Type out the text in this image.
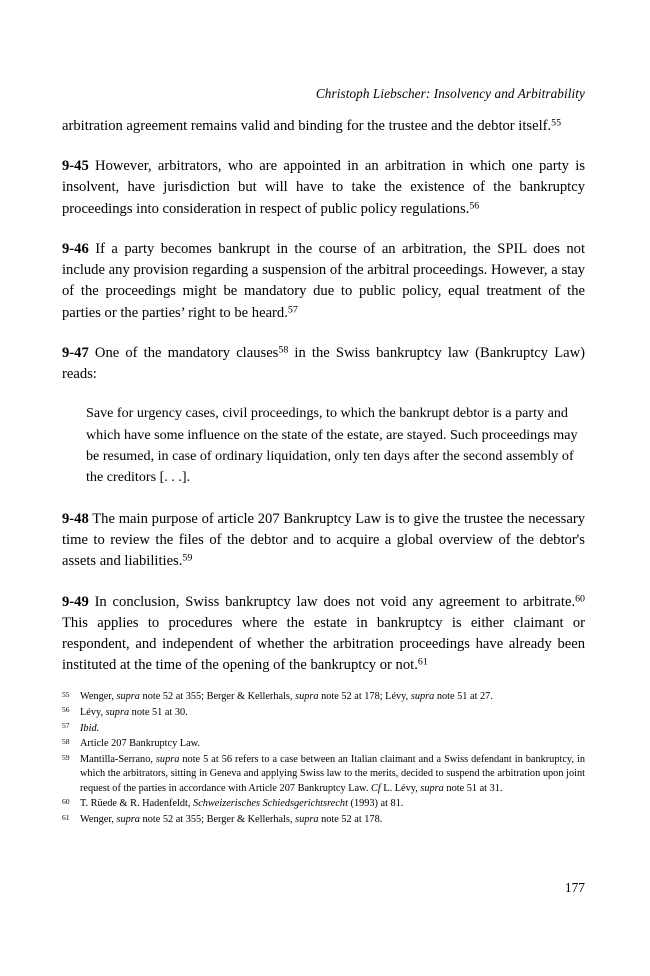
Christoph Liebscher: Insolvency and Arbitrability

arbitration agreement remains valid and binding for the trustee and the debtor itself.$^{55}$

9-45 However, arbitrators, who are appointed in an arbitration in which one party is insolvent, have jurisdiction but will have to take the existence of the bankruptcy proceedings into consideration in respect of public policy regulations.$^{56}$

9-46 If a party becomes bankrupt in the course of an arbitration, the SPIL does not include any provision regarding a suspension of the arbitral proceedings. However, a stay of the proceedings might be mandatory due to public policy, equal treatment of the parties or the parties’ right to be heard.$^{57}$

9-47 One of the mandatory clauses$^{58}$ in the Swiss bankruptcy law (Bankruptcy Law) reads:

Save for urgency cases, civil proceedings, to which the bankrupt debtor is a party and which have some influence on the state of the estate, are stayed. Such proceedings may be resumed, in case of ordinary liquidation, only ten days after the second assembly of the creditors [. . .].

9-48 The main purpose of article 207 Bankruptcy Law is to give the trustee the necessary time to review the files of the debtor and to acquire a global overview of the debtor's assets and liabilities.$^{59}$

9-49 In conclusion, Swiss bankruptcy law does not void any agreement to arbitrate.$^{60}$ This applies to procedures where the estate in bankruptcy is either claimant or respondent, and independent of whether the arbitration proceedings have already been instituted at the time of the opening of the bankruptcy or not.$^{61}$

55	Wenger, supra note 52 at 355; Berger & Kellerhals, supra note 52 at 178; Lévy, supra note 51 at 27.
56	Lévy, supra note 51 at 30.
57	Ibid.
58	Article 207 Bankruptcy Law.
59	Mantilla-Serrano, supra note 5 at 56 refers to a case between an Italian claimant and a Swiss defendant in bankruptcy, in which the arbitrators, sitting in Geneva and applying Swiss law to the merits, decided to suspend the arbitration upon joint request of the parties in accordance with Article 207 Bankruptcy Law. Cf L. Lévy, supra note 51 at 31.
60	T. Rüede & R. Hadenfeldt, Schweizerisches Schiedsgerichtsrecht (1993) at 81.
61	Wenger, supra note 52 at 355; Berger & Kellerhals, supra note 52 at 178.
177
